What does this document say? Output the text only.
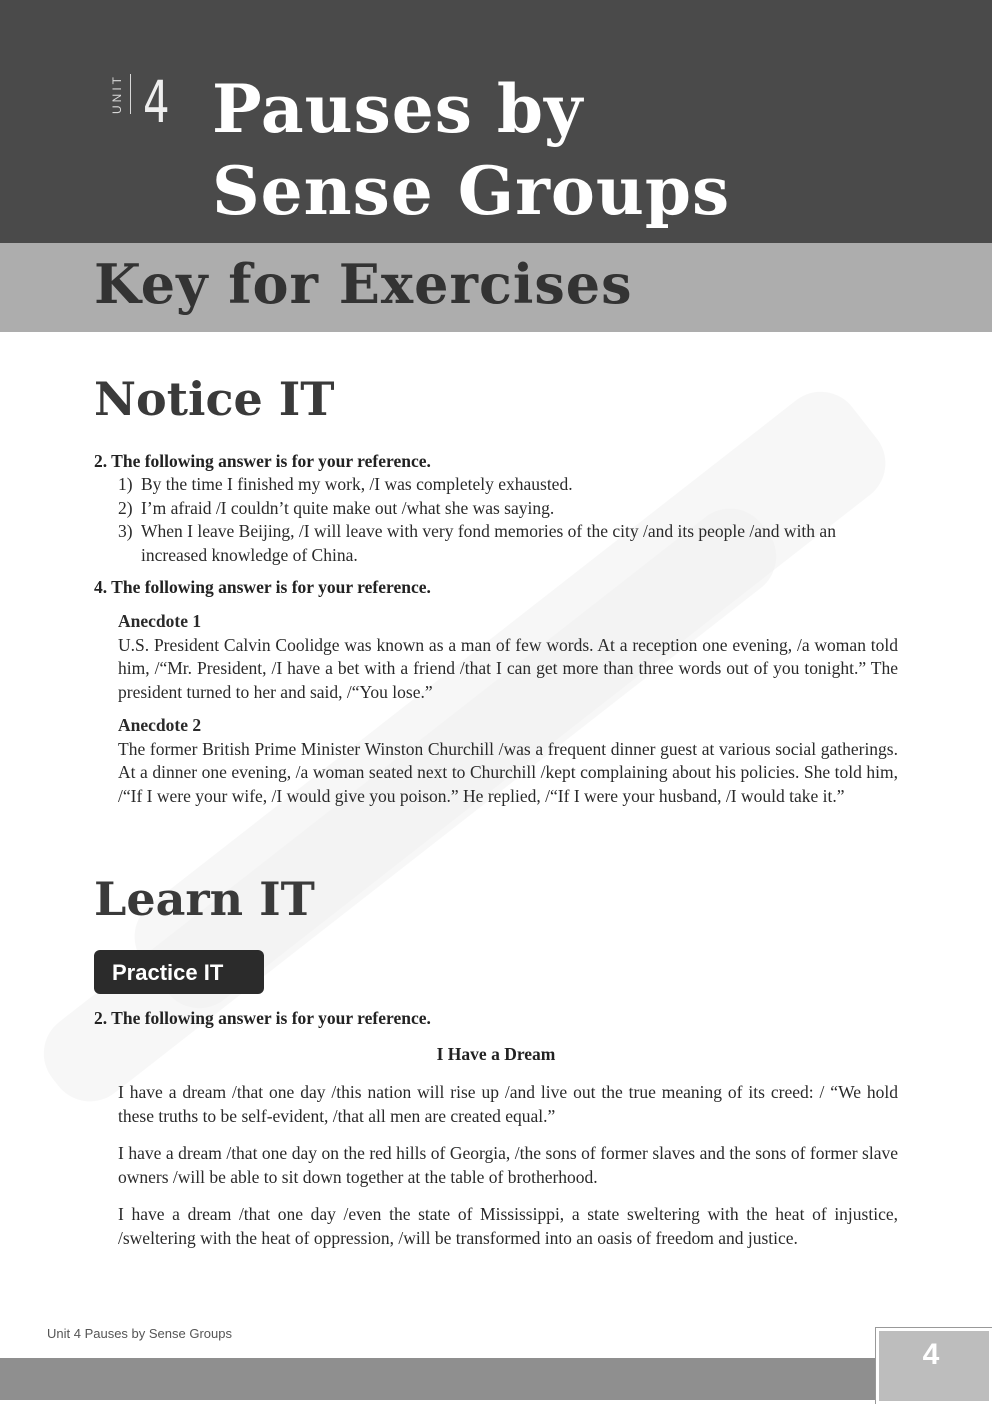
UNIT 4 Pauses by
Sense Groups
Key for Exercises
Notice IT
2. The following answer is for your reference.
1) By the time I finished my work, /I was completely exhausted.
2) I’m afraid /I couldn’t quite make out /what she was saying.
3) When I leave Beijing, /I will leave with very fond memories of the city /and its people /and with an increased knowledge of China.
4. The following answer is for your reference.
Anecdote 1
U.S. President Calvin Coolidge was known as a man of few words. At a reception one evening, /a woman told him, /“Mr. President, /I have a bet with a friend /that I can get more than three words out of you tonight.” The president turned to her and said, /“You lose.”
Anecdote 2
The former British Prime Minister Winston Churchill /was a frequent dinner guest at various social gatherings. At a dinner one evening, /a woman seated next to Churchill /kept complaining about his policies. She told him, /“If I were your wife, /I would give you poison.” He replied, /“If I were your husband, /I would take it.”
Learn IT
Practice IT
2. The following answer is for your reference.
I Have a Dream
I have a dream /that one day /this nation will rise up /and live out the true meaning of its creed: / “We hold these truths to be self-evident, /that all men are created equal.”
I have a dream /that one day on the red hills of Georgia, /the sons of former slaves and the sons of former slave owners /will be able to sit down together at the table of brotherhood.
I have a dream /that one day /even the state of Mississippi, a state sweltering with the heat of injustice, /sweltering with the heat of oppression, /will be transformed into an oasis of freedom and justice.
Unit 4 Pauses by Sense Groups
4
